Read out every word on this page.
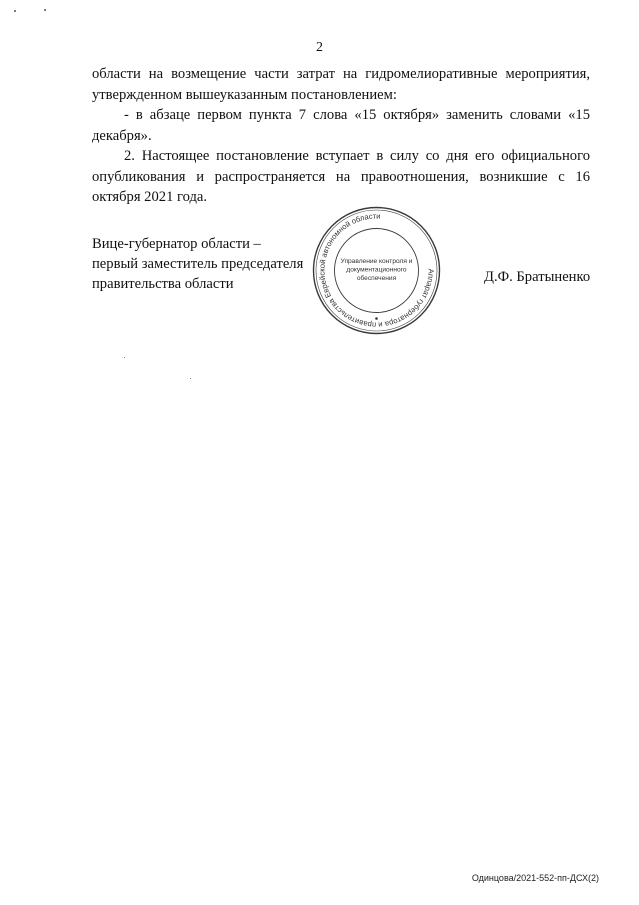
2

области на возмещение части затрат на гидромелиоративные мероприятия, утвержденном вышеуказанным постановлением:

- в абзаце первом пункта 7 слова «15 октября» заменить словами «15 декабря».

2. Настоящее постановление вступает в силу со дня его официального опубликования и распространяется на правоотношения, возникшие с 16 октября 2021 года.

Вице-губернатор области –
первый заместитель председателя
правительства области
Аппарат губернатора и правительства Еврейской автономной области
Управление контроля и
документационного
обеспечения	Д.Ф. Братыненко
Одинцова/2021-552-пп-ДСХ(2)
